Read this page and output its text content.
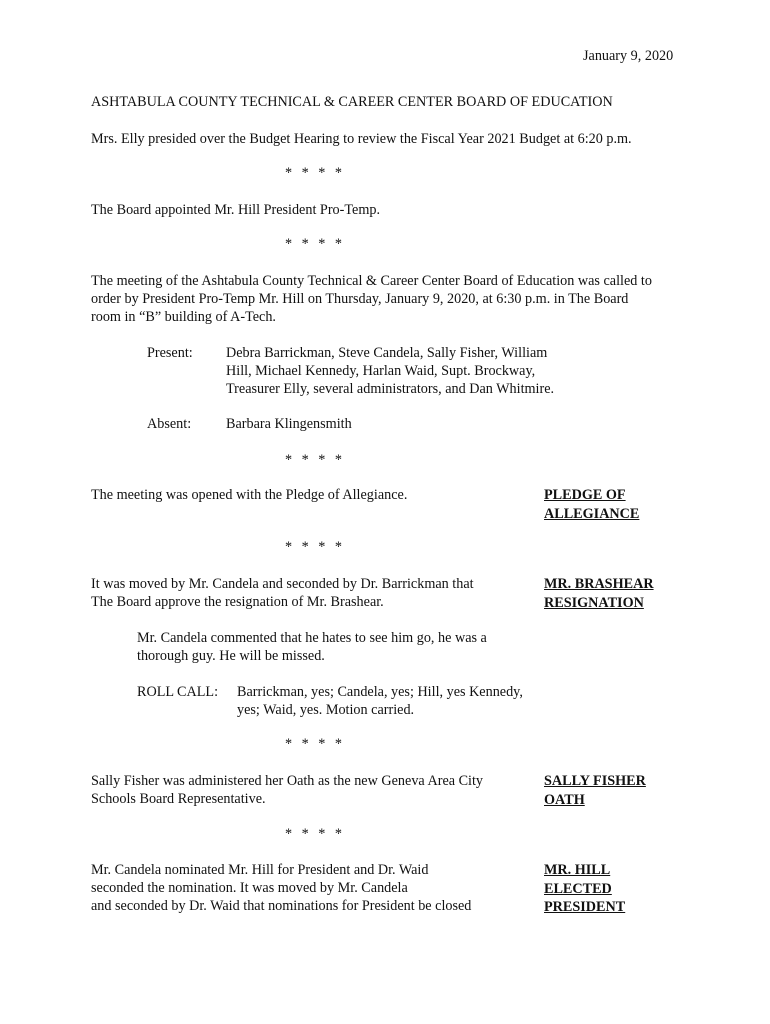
January 9, 2020
ASHTABULA COUNTY TECHNICAL & CAREER CENTER BOARD OF EDUCATION
Mrs. Elly presided over the Budget Hearing to review the Fiscal Year 2021 Budget at 6:20 p.m.
* * * *
The Board appointed Mr. Hill President Pro-Temp.
* * * *
The meeting of the Ashtabula County Technical & Career Center Board of Education was called to
order by President Pro-Temp Mr. Hill on Thursday, January 9, 2020, at 6:30 p.m. in The Board
room in “B” building of A-Tech.
Present: Debra Barrickman, Steve Candela, Sally Fisher, William
Hill, Michael Kennedy, Harlan Waid, Supt. Brockway,
Treasurer Elly, several administrators, and Dan Whitmire.
Absent: Barbara Klingensmith
* * * *
The meeting was opened with the Pledge of Allegiance.	PLEDGE OF
ALLEGIANCE
* * * *
It was moved by Mr. Candela and seconded by Dr. Barrickman that
The Board approve the resignation of Mr. Brashear.
MR. BRASHEAR
RESIGNATION
Mr. Candela commented that he hates to see him go, he was a
thorough guy. He will be missed.
ROLL CALL: Barrickman, yes; Candela, yes; Hill, yes Kennedy,
yes; Waid, yes. Motion carried.
* * * *
Sally Fisher was administered her Oath as the new Geneva Area City
Schools Board Representative.
SALLY FISHER
OATH
* * * *
Mr. Candela nominated Mr. Hill for President and Dr. Waid
seconded the nomination. It was moved by Mr. Candela
and seconded by Dr. Waid that nominations for President be closed
MR. HILL
ELECTED
PRESIDENT
